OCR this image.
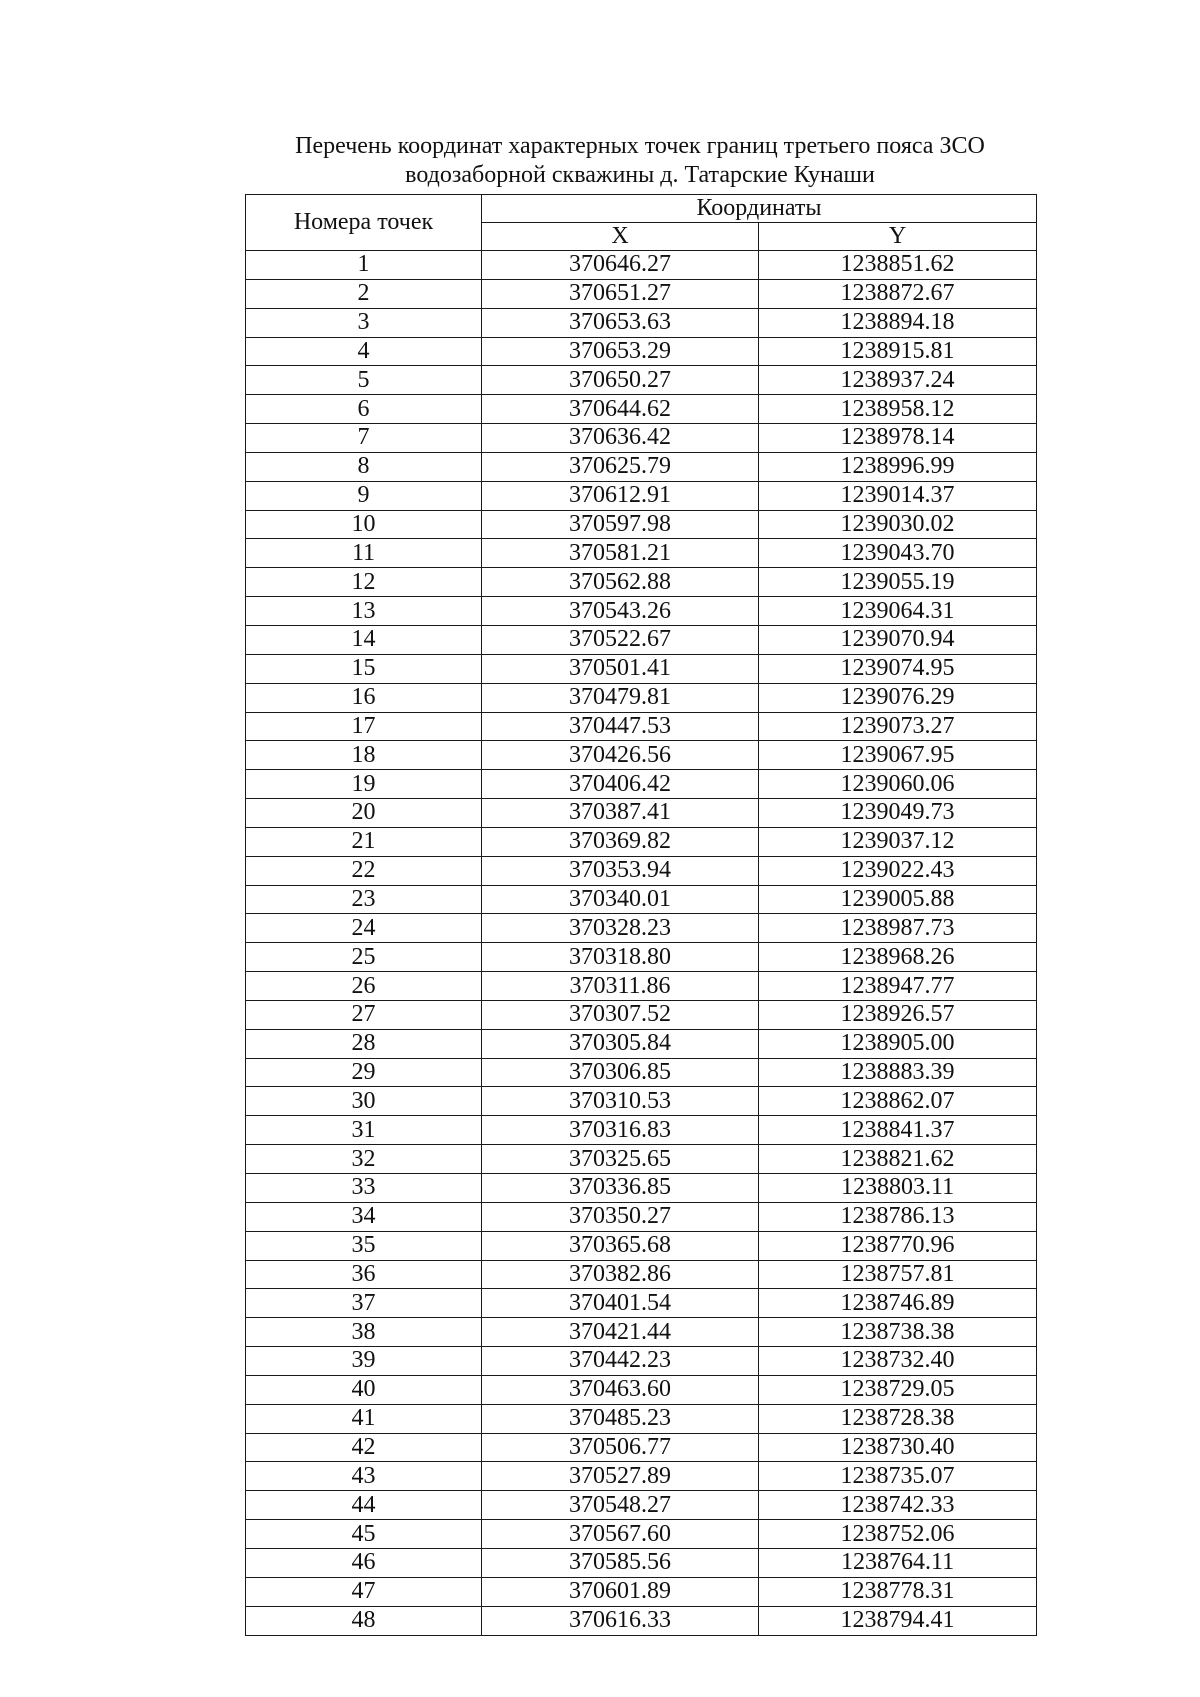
Перечень координат характерных точек границ третьего пояса ЗСО
водозаборной скважины д. Татарские Кунаши
Номера точек	Координаты	
	X	Y
1	370646.27	1238851.62
2	370651.27	1238872.67
3	370653.63	1238894.18
4	370653.29	1238915.81
5	370650.27	1238937.24
6	370644.62	1238958.12
7	370636.42	1238978.14
8	370625.79	1238996.99
9	370612.91	1239014.37
10	370597.98	1239030.02
11	370581.21	1239043.70
12	370562.88	1239055.19
13	370543.26	1239064.31
14	370522.67	1239070.94
15	370501.41	1239074.95
16	370479.81	1239076.29
17	370447.53	1239073.27
18	370426.56	1239067.95
19	370406.42	1239060.06
20	370387.41	1239049.73
21	370369.82	1239037.12
22	370353.94	1239022.43
23	370340.01	1239005.88
24	370328.23	1238987.73
25	370318.80	1238968.26
26	370311.86	1238947.77
27	370307.52	1238926.57
28	370305.84	1238905.00
29	370306.85	1238883.39
30	370310.53	1238862.07
31	370316.83	1238841.37
32	370325.65	1238821.62
33	370336.85	1238803.11
34	370350.27	1238786.13
35	370365.68	1238770.96
36	370382.86	1238757.81
37	370401.54	1238746.89
38	370421.44	1238738.38
39	370442.23	1238732.40
40	370463.60	1238729.05
41	370485.23	1238728.38
42	370506.77	1238730.40
43	370527.89	1238735.07
44	370548.27	1238742.33
45	370567.60	1238752.06
46	370585.56	1238764.11
47	370601.89	1238778.31
48	370616.33	1238794.41
